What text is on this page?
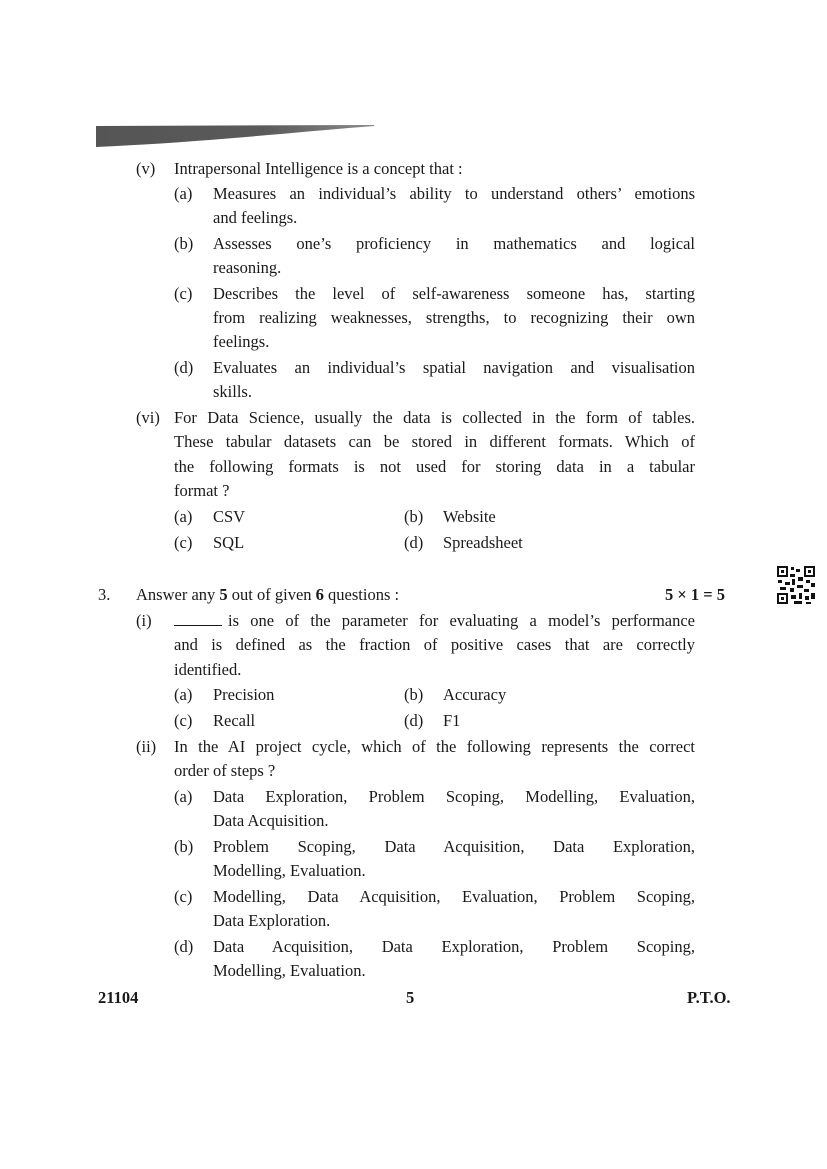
(v) Intrapersonal Intelligence is a concept that :
(a) Measures an individual’s ability to understand others’ emotions
and feelings.
(b) Assesses one’s proficiency in mathematics and logical
reasoning.
(c) Describes the level of self-awareness someone has, starting
from realizing weaknesses, strengths, to recognizing their own
feelings.
(d) Evaluates an individual’s spatial navigation and visualisation
skills.
(vi) For Data Science, usually the data is collected in the form of tables.
These tabular datasets can be stored in different formats. Which of
the following formats is not used for storing data in a tabular
format ?
(a) CSV	(b) Website
(c) SQL	(d) Spreadsheet
3. Answer any 5 out of given 6 questions :	5 × 1 = 5
(i)	is one of the parameter for evaluating a model’s performance
and is defined as the fraction of positive cases that are correctly
identified.
(a) Precision	(b) Accuracy
(c) Recall	(d) F1
(ii) In the AI project cycle, which of the following represents the correct
order of steps ?
(a) Data Exploration, Problem Scoping, Modelling, Evaluation,
Data Acquisition.
(b) Problem Scoping, Data Acquisition, Data Exploration,
Modelling, Evaluation.
(c) Modelling, Data Acquisition, Evaluation, Problem Scoping,
Data Exploration.
(d) Data Acquisition, Data Exploration, Problem Scoping,
Modelling, Evaluation.
21104	5	P.T.O.
